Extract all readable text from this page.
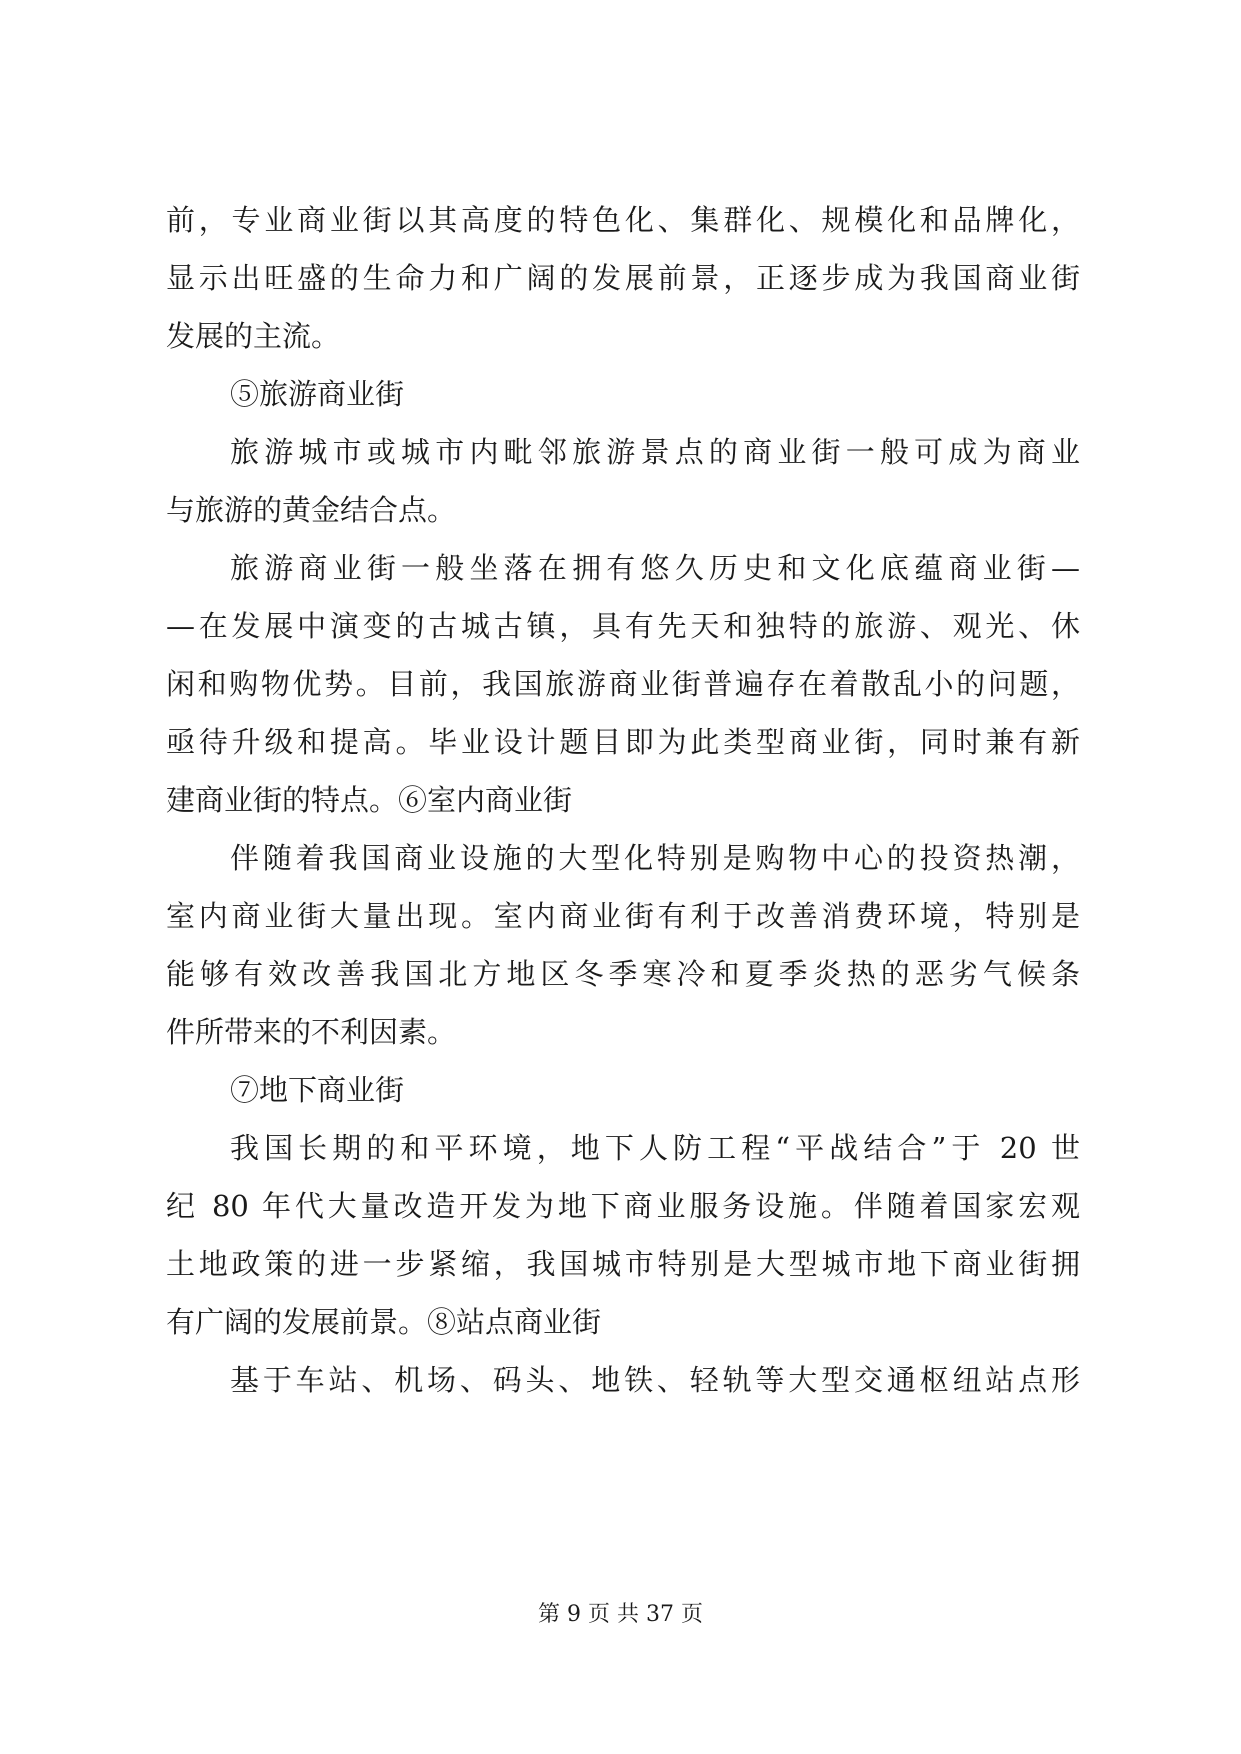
前，专业商业街以其高度的特色化、集群化、规模化和品牌化，
显示出旺盛的生命力和广阔的发展前景，正逐步成为我国商业街
发展的主流。
⑤旅游商业街
旅游城市或城市内毗邻旅游景点的商业街一般可成为商业
与旅游的黄金结合点。
旅游商业街一般坐落在拥有悠久历史和文化底蕴商业街—
—在发展中演变的古城古镇，具有先天和独特的旅游、观光、休
闲和购物优势。目前，我国旅游商业街普遍存在着散乱小的问题，
亟待升级和提高。毕业设计题目即为此类型商业街，同时兼有新
建商业街的特点。⑥室内商业街
伴随着我国商业设施的大型化特别是购物中心的投资热潮，
室内商业街大量出现。室内商业街有利于改善消费环境，特别是
能够有效改善我国北方地区冬季寒冷和夏季炎热的恶劣气候条
件所带来的不利因素。
⑦地下商业街
我国长期的和平环境，地下人防工程“平战结合”于 20 世
纪 80 年代大量改造开发为地下商业服务设施。伴随着国家宏观
土地政策的进一步紧缩，我国城市特别是大型城市地下商业街拥
有广阔的发展前景。⑧站点商业街
基于车站、机场、码头、地铁、轻轨等大型交通枢纽站点形
第 9 页 共 37 页
